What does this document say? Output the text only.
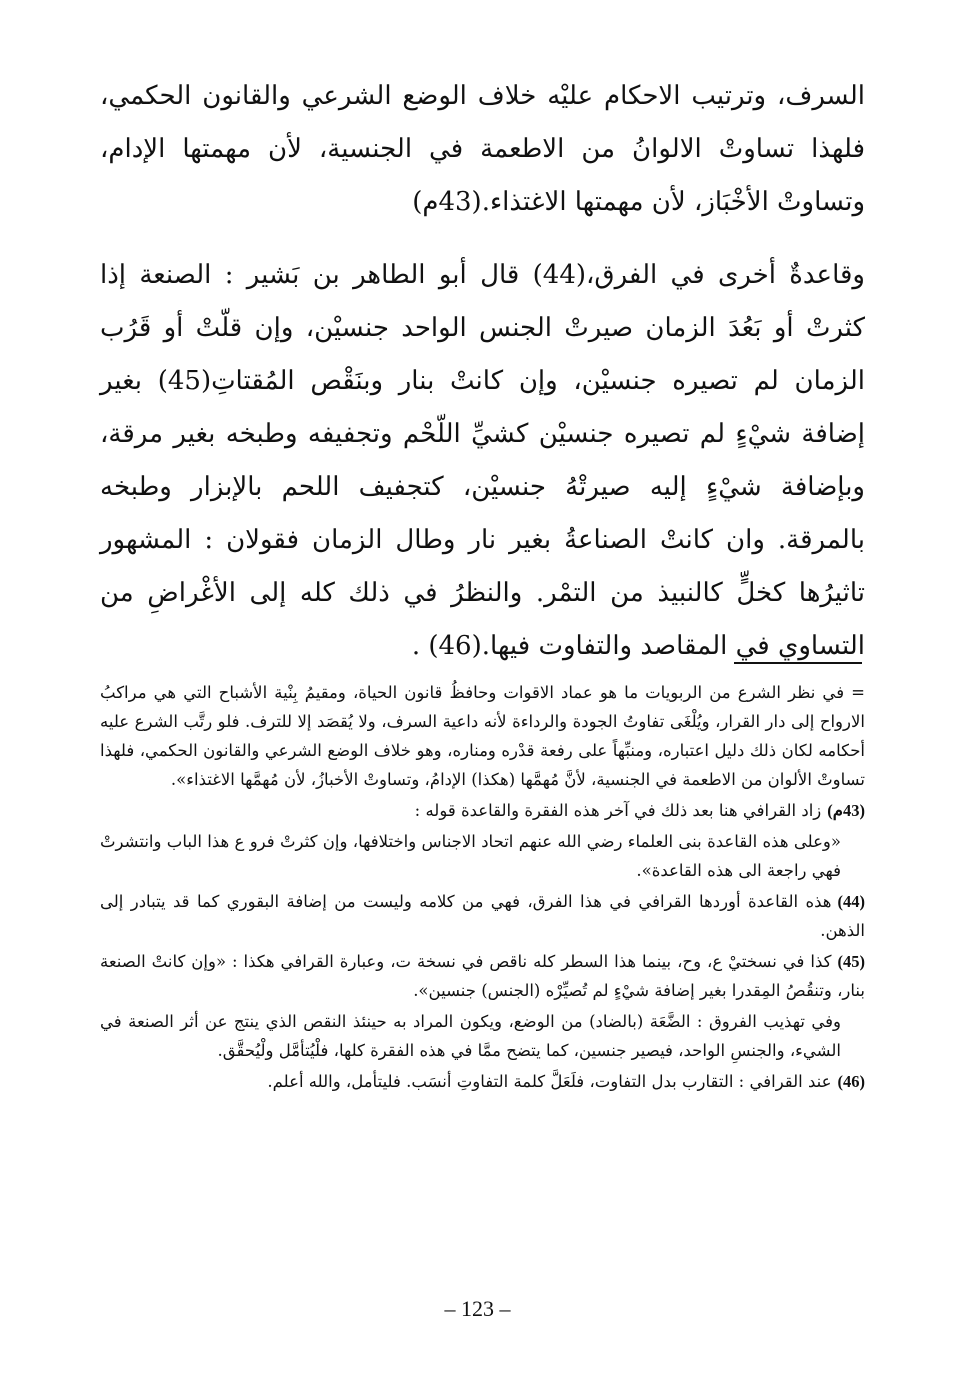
السرف، وترتيب الاحكام عليْه خلاف الوضع الشرعي والقانون الحكمي، فلهذا تساوتْ الالوانُ من الاطعمة في الجنسية، لأن مهمتها الإدام، وتساوتْ الأخْبَاز، لأن مهمتها الاغتذاء.(43م)

وقاعدةٌ أخرى في الفرق،(44) قال أبو الطاهر بن بَشير : الصنعة إذا كثرتْ أو بَعُدَ الزمان صيرتْ الجنس الواحد جنسيْن، وإن قلّتْ أو قَرُب الزمان لم تصيره جنسيْن، وإن كانتْ بنار وبنَقْص المُقتاتِ(45) بغير إضافة شيْءٍ لم تصيره جنسيْن كشيِّ اللّحْم وتجفيفه وطبخه بغير مرقة، وبإضافة شيْءٍ إليه صيرتْهُ جنسيْن، كتجفيف اللحم بالإبزار وطبخه بالمرقة. وان كانتْ الصناعةُ بغير نار وطال الزمان فقولان : المشهور تاثيرُها كخلٍّ كالنبيذ من التمْر. والنظرُ في ذلك كله إلى الأغْراضِ من التساوي في المقاصد والتفاوت فيها.(46) .

= في نظر الشرع من الربويات ما هو عماد الاقوات وحافظُ قانون الحياة، ومقيمُ بِنْية الأشباح التي هي مراكبُ الارواح إلى دار القرار، ويُلْغَى تفاوتُ الجودة والرداءة لأنه داعية السرف، ولا يُقصَد إلا للترف. فلو رتَّب الشرع عليه أحكامه لكان ذلك دليل اعتباره، ومنبِّهاً على رفعة قدْره ومناره، وهو خلاف الوضع الشرعي والقانون الحكمي، فلهذا تساوتْ الألوان من الاطعمة في الجنسية، لأنَّ مُهمَّها (هكذا) الإدامُ، وتساوتْ الأخبازُ، لأن مُهمَّها الاغتذاء».

(43م)زاد القرافي هنا بعد ذلك في آخر هذه الفقرة والقاعدة قوله :

«وعلى هذه القاعدة بنى العلماء رضي الله عنهم اتحاد الاجناس واختلافها، وإن كثرتْ فرو ع هذا الباب وانتشرتْ فهي راجعة الى هذه القاعدة».

(44)هذه القاعدة أوردها القرافي في هذا الفرق، فهي من كلامه وليست من إضافة البقوري كما قد يتبادر إلى الذهن.

(45)كذا في نسختيْ ع، وح، بينما هذا السطر كله ناقص في نسخة ت، وعبارة القرافي هكذا : «وإن كانتْ الصنعة بنار، وتنقُصُ المِقدرا بغير إضافة شيْءٍ لم تُصيِّرْه (الجنس) جنسين».

وفي تهذيب الفروق : الضَّعَة (بالضاد) من الوضع، ويكون المراد به حينئذ النقص الذي ينتج عن أثر الصنعة في الشيء، والجنسِ الواحد، فيصير جنسين، كما يتضح ممَّا في هذه الفقرة كلها، فلْيُتأمَّل ولْيُحقَّق.

(46)عند القرافي : التقارب بدل التفاوت، فلَعَلَّ كلمة التفاوتِ أنسَب. فليتأمل، والله أعلم.

– 123 –
